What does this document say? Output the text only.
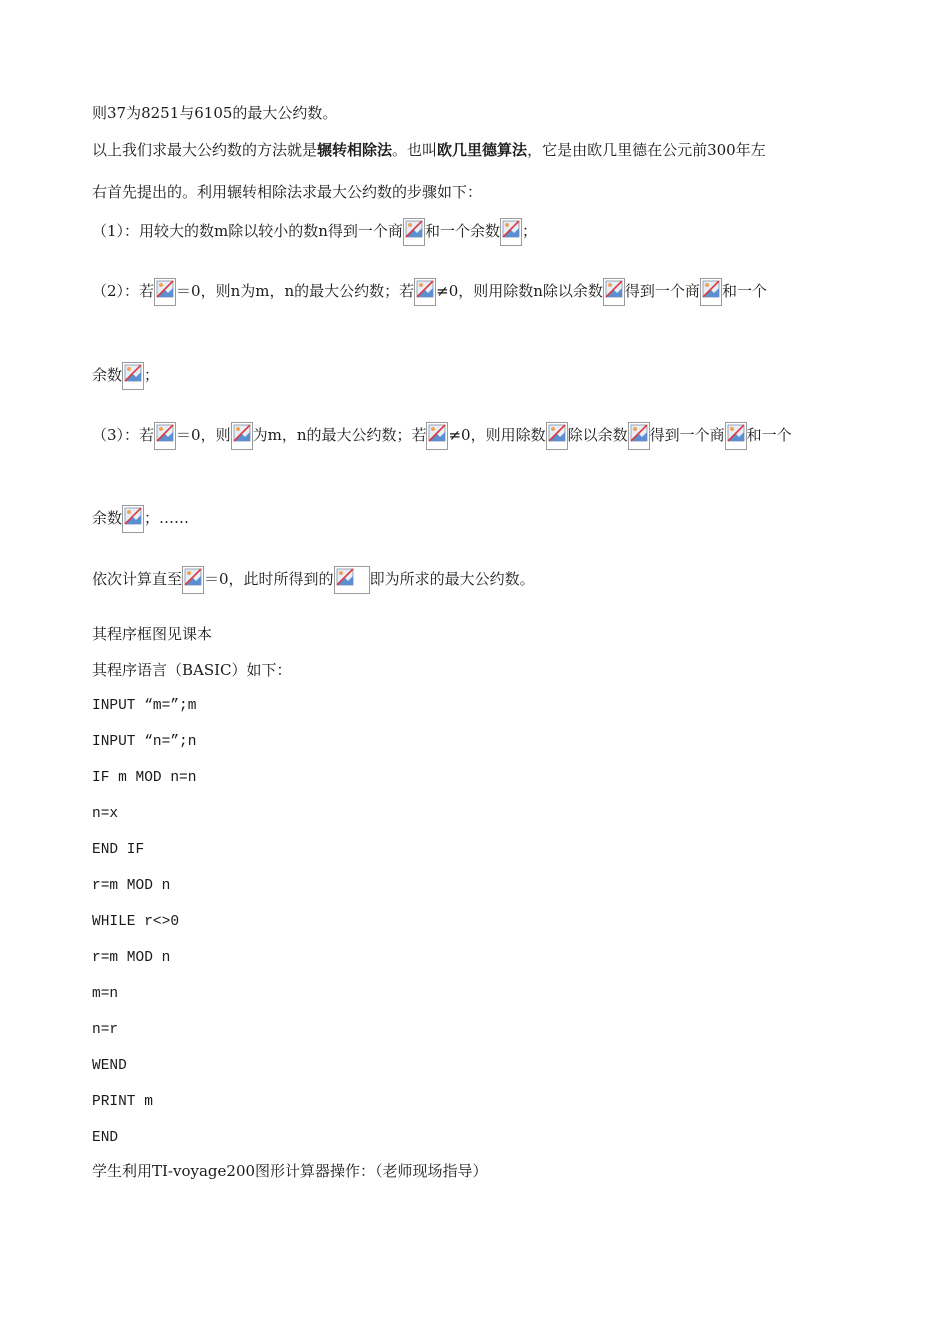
则37为8251与6105的最大公约数。
以上我们求最大公约数的方法就是辗转相除法。也叫欧几里德算法，它是由欧几里德在公元前300年左
右首先提出的。利用辗转相除法求最大公约数的步骤如下：
（1）：用较大的数m除以较小的数n得到一个商 和一个余数 ；
（2）：若 ＝0，则n为m，n的最大公约数；若 ≠0，则用除数n除以余数 得到一个商 和一个
余数 ；
（3）：若 ＝0，则 为m，n的最大公约数；若 ≠0，则用除数 除以余数 得到一个商 和一个
余数 ；……
依次计算直至 ＝0，此时所得到的 即为所求的最大公约数。
其程序框图见课本
其程序语言（BASIC）如下：
INPUT “m=”;m
INPUT “n=”;n
IF m MOD n=n
n=x
END IF
r=m MOD n
WHILE r<>0
r=m MOD n
m=n
n=r
WEND
PRINT m
END
学生利用TI-voyage200图形计算器操作：（老师现场指导）
